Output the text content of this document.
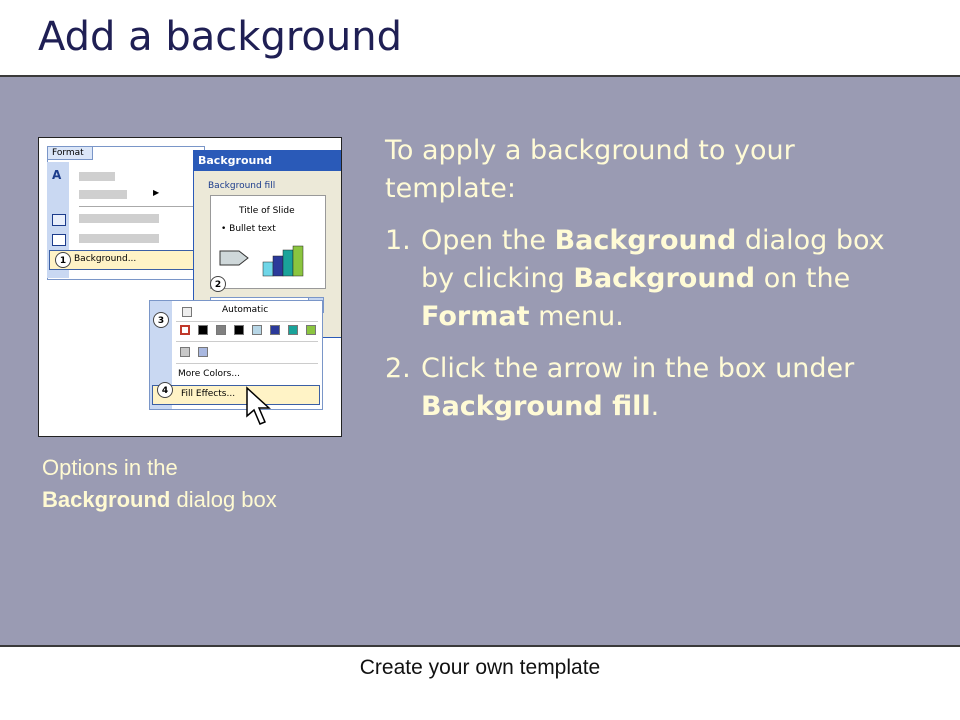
Add a background
Format
A
▶
Background...
1
Background
Background fill
Title of Slide
• Bullet text
2
Automatic
More Colors...
Fill Effects...
3
4
Options in the
Background dialog box
To apply a background to your template:
1. Open the Background dialog box by clicking Background on the Format menu.
2. Click the arrow in the box under Background fill.
Create your own template
